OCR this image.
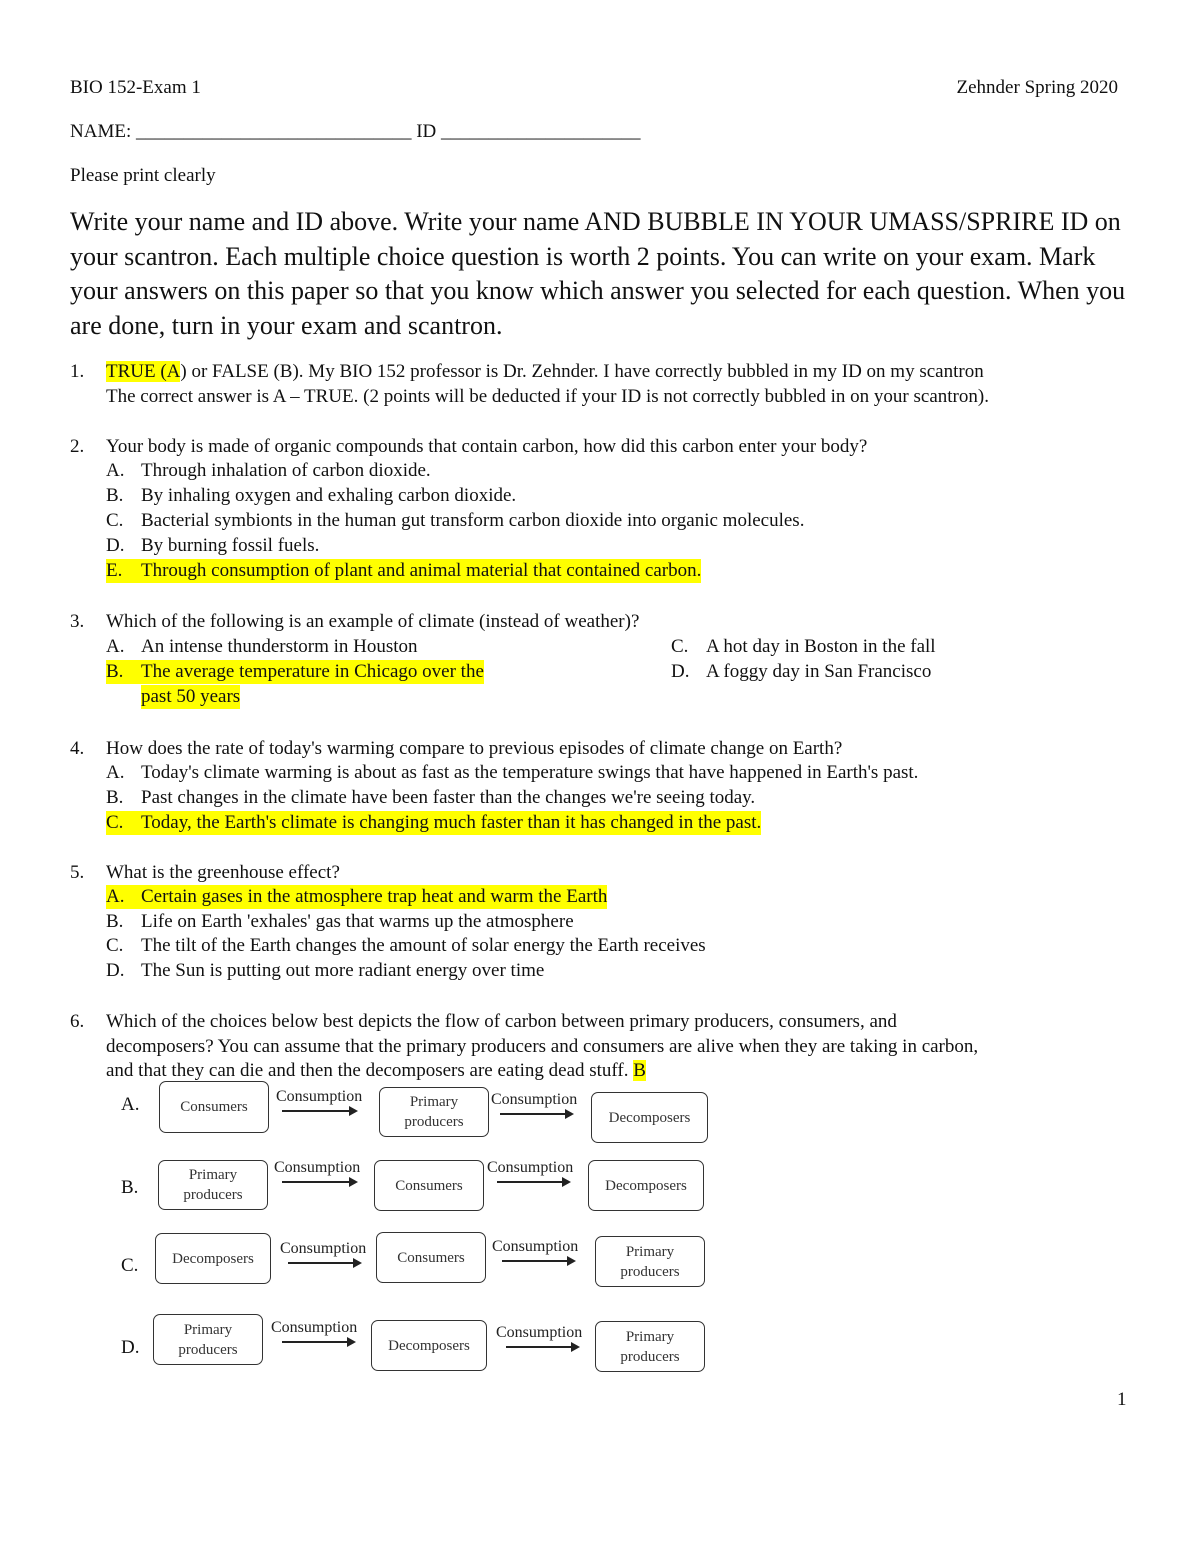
BIO 152-Exam 1	Zehnder Spring 2020
NAME: _____________________________ ID _____________________
Please print clearly
Write your name and ID above. Write your name AND BUBBLE IN YOUR UMASS/SPRIRE ID on your scantron. Each multiple choice question is worth 2 points. You can write on your exam. Mark your answers on this paper so that you know which answer you selected for each question. When you are done, turn in your exam and scantron.
1. TRUE (A) or FALSE (B). My BIO 152 professor is Dr. Zehnder. I have correctly bubbled in my ID on my scantron
The correct answer is A – TRUE. (2 points will be deducted if your ID is not correctly bubbled in on your scantron).
2. Your body is made of organic compounds that contain carbon, how did this carbon enter your body?
A. Through inhalation of carbon dioxide.
B. By inhaling oxygen and exhaling carbon dioxide.
C. Bacterial symbionts in the human gut transform carbon dioxide into organic molecules.
D. By burning fossil fuels.
E. Through consumption of plant and animal material that contained carbon.
3. Which of the following is an example of climate (instead of weather)?
A. An intense thunderstorm in Houston
B. The average temperature in Chicago over the
past 50 years
C. A hot day in Boston in the fall
D. A foggy day in San Francisco
4. How does the rate of today's warming compare to previous episodes of climate change on Earth?
A. Today's climate warming is about as fast as the temperature swings that have happened in Earth's past.
B. Past changes in the climate have been faster than the changes we're seeing today.
C. Today, the Earth's climate is changing much faster than it has changed in the past.
5. What is the greenhouse effect?
A. Certain gases in the atmosphere trap heat and warm the Earth
B. Life on Earth 'exhales' gas that warms up the atmosphere
C. The tilt of the Earth changes the amount of solar energy the Earth receives
D. The Sun is putting out more radiant energy over time
6. Which of the choices below best depicts the flow of carbon between primary producers, consumers, and
decomposers? You can assume that the primary producers and consumers are alive when they are taking in carbon,
and that they can die and then the decomposers are eating dead stuff. B
A.	Consumers
Consumption	Primary producers
Consumption
Decomposers
B.
Primary producers
Consumption
Consumers
Consumption
Decomposers
C.	Decomposers
Consumption
Consumers
Consumption	Primary producers
D.
Primary producers
Consumption
Decomposers
Consumption	Primary producers
1
